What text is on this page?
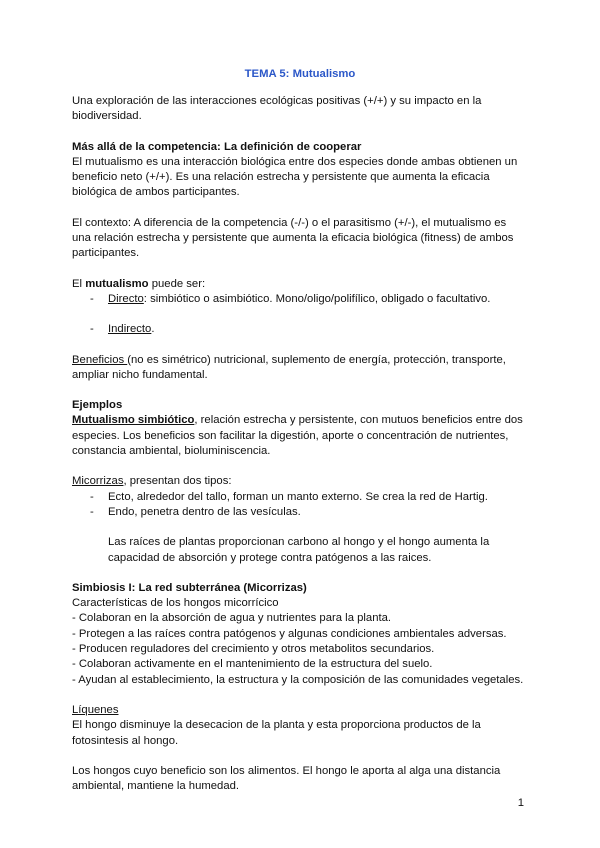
TEMA 5: Mutualismo

Una exploración de las interacciones ecológicas positivas (+/+) y su impacto en la biodiversidad.

Más allá de la competencia: La definición de cooperar

El mutualismo es una interacción biológica entre dos especies donde ambas obtienen un beneficio neto (+/+). Es una relación estrecha y persistente que aumenta la eficacia biológica de ambos participantes.

El contexto: A diferencia de la competencia (-/-) o el parasitismo (+/-), el mutualismo es una relación estrecha y persistente que aumenta la eficacia biológica (fitness) de ambos participantes.

El mutualismo puede ser:

- Directo: simbiótico o asimbiótico. Mono/oligo/polifílico, obligado o facultativo.
- Indirecto.

Beneficios (no es simétrico) nutricional, suplemento de energía, protección, transporte, ampliar nicho fundamental.

Ejemplos

Mutualismo simbiótico, relación estrecha y persistente, con mutuos beneficios entre dos especies. Los beneficios son facilitar la digestión, aporte o concentración de nutrientes, constancia ambiental, bioluminiscencia.

Micorrizas, presentan dos tipos:

- Ecto, alrededor del tallo, forman un manto externo. Se crea la red de Hartig.
- Endo, penetra dentro de las vesículas.

Las raíces de plantas proporcionan carbono al hongo y el hongo aumenta la capacidad de absorción y protege contra patógenos a las raices.

Simbiosis I: La red subterránea (Micorrizas)

Características de los hongos micorrícico

- Colaboran en la absorción de agua y nutrientes para la planta.

- Protegen a las raíces contra patógenos y algunas condiciones ambientales adversas.

- Producen reguladores del crecimiento y otros metabolitos secundarios.

- Colaboran activamente en el mantenimiento de la estructura del suelo.

- Ayudan al establecimiento, la estructura y la composición de las comunidades vegetales.

Líquenes

El hongo disminuye la desecacion de la planta y esta proporciona productos de la fotosintesis al hongo.

Los hongos cuyo beneficio son los alimentos. El hongo le aporta al alga una distancia ambiental, mantiene la humedad.

1
